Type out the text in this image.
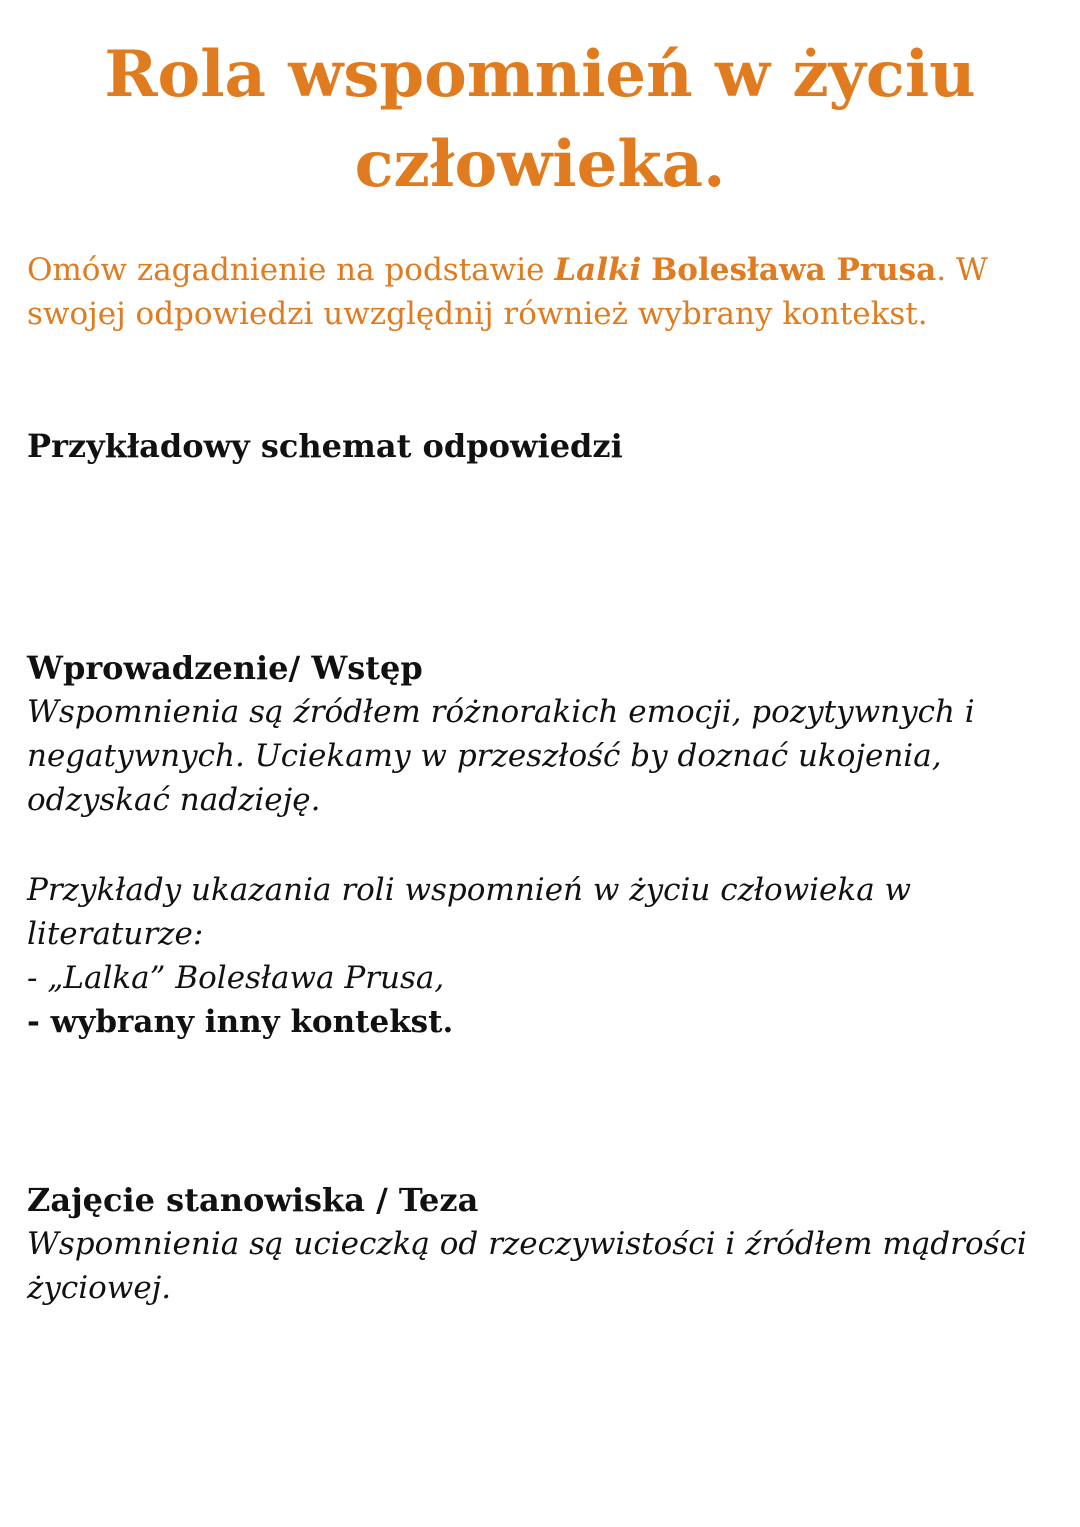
Rola wspomnień w życiu
człowieka.

Omów zagadnienie na podstawie Lalki Bolesława Prusa. W swojej odpowiedzi uwzględnij również wybrany kontekst.

Przykładowy schemat odpowiedzi
Wprowadzenie/ Wstęp

Wspomnienia są źródłem różnorakich emocji, pozytywnych i negatywnych. Uciekamy w przeszłość by doznać ukojenia, odzyskać nadzieję.

Przykłady ukazania roli wspomnień w życiu człowieka w literaturze:
- „Lalka” Bolesława Prusa,
- wybrany inny kontekst.
Zajęcie stanowiska / Teza

Wspomnienia są ucieczką od rzeczywistości i źródłem mądrości życiowej.
